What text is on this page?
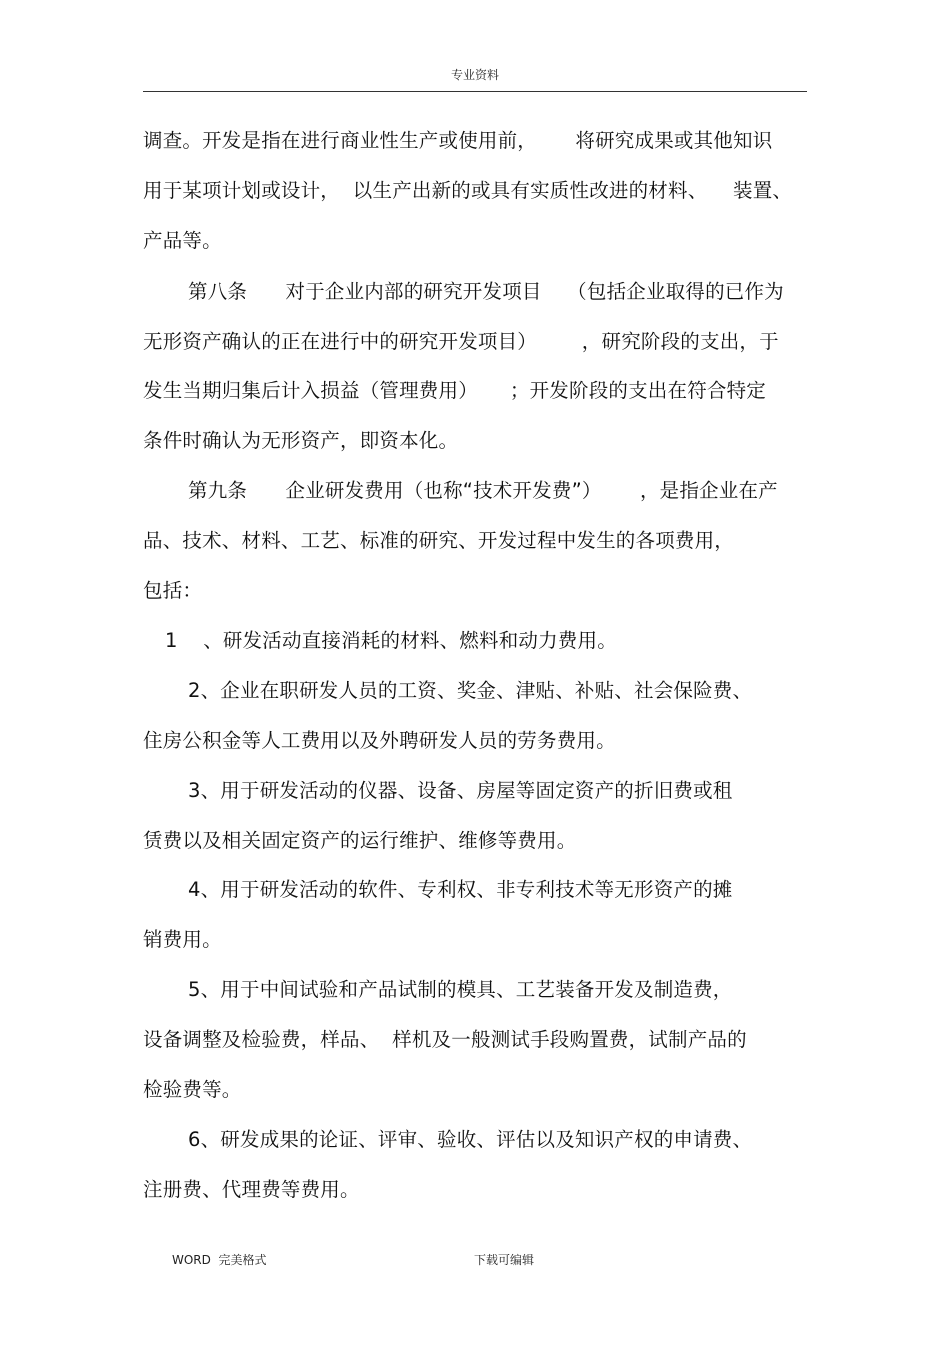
专业资料
调查。开发是指在进行商业性生产或使用前，      将研究成果或其他知识
用于某项计划或设计，  以生产出新的或具有实质性改进的材料、    装置、
产品等。
第八条      对于企业内部的研究开发项目    （包括企业取得的已作为
无形资产确认的正在进行中的研究开发项目）       ，研究阶段的支出，于
发生当期归集后计入损益（管理费用）     ；开发阶段的支出在符合特定
条件时确认为无形资产，即资本化。
第九条      企业研发费用（也称“技术开发费”）      ，是指企业在产
品、技术、材料、工艺、标准的研究、开发过程中发生的各项费用，
包括：
1    、研发活动直接消耗的材料、燃料和动力费用。
2、企业在职研发人员的工资、奖金、津贴、补贴、社会保险费、
住房公积金等人工费用以及外聘研发人员的劳务费用。
3、用于研发活动的仪器、设备、房屋等固定资产的折旧费或租
赁费以及相关固定资产的运行维护、维修等费用。
4、用于研发活动的软件、专利权、非专利技术等无形资产的摊
销费用。
5、用于中间试验和产品试制的模具、工艺装备开发及制造费，
设备调整及检验费，样品、  样机及一般测试手段购置费，试制产品的
检验费等。
6、研发成果的论证、评审、验收、评估以及知识产权的申请费、
注册费、代理费等费用。
WORD  完美格式	下载可编辑
